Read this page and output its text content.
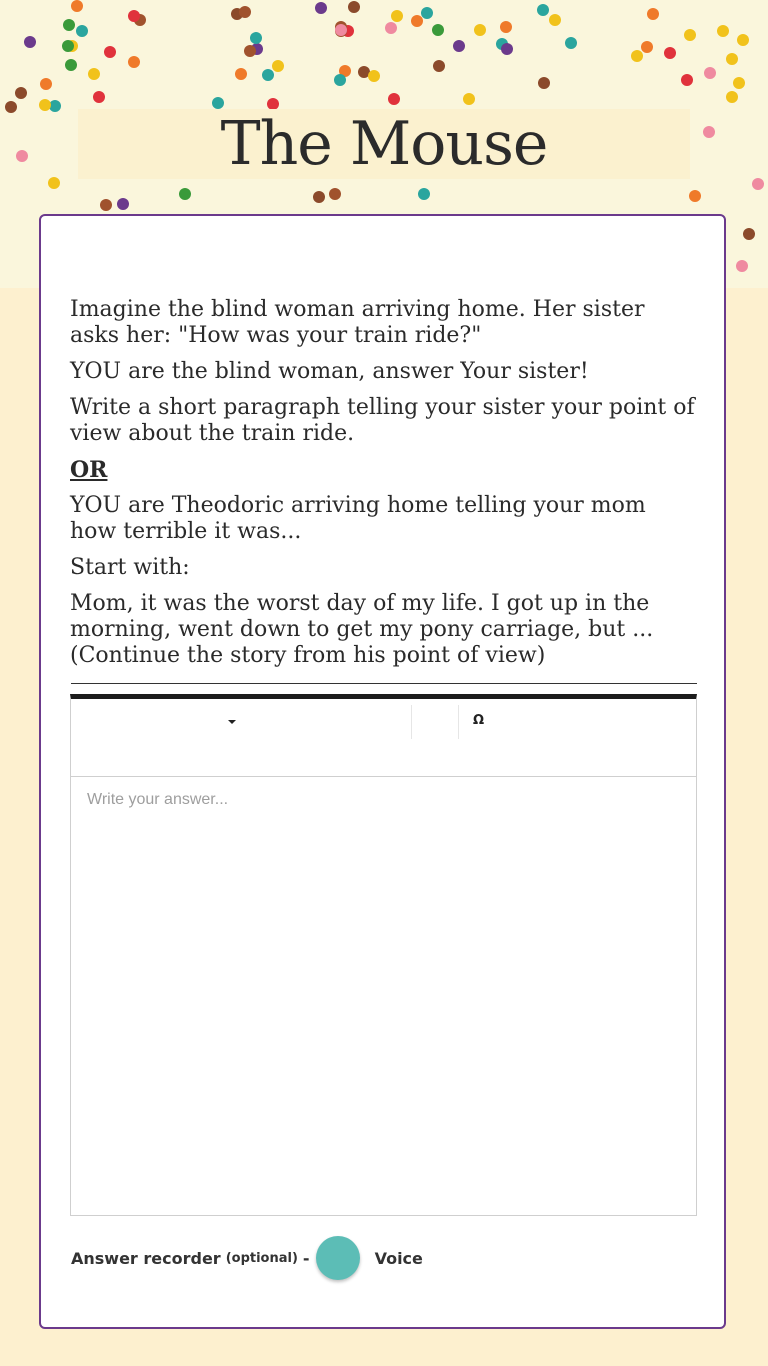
The Mouse

Imagine the blind woman arriving home. Her sister asks her: "How was your train ride?"

YOU are the blind woman, answer Your sister!

Write a short paragraph telling your sister your point of view about the train ride.

OR

YOU are Theodoric arriving home telling your mom how terrible it was...

Start with:

Mom, it was the worst day of my life. I got up in the morning, went down to get my pony carriage, but ... (Continue the story from his point of view)

Ω
Write your answer...
Answer recorder (optional) -	Voice
